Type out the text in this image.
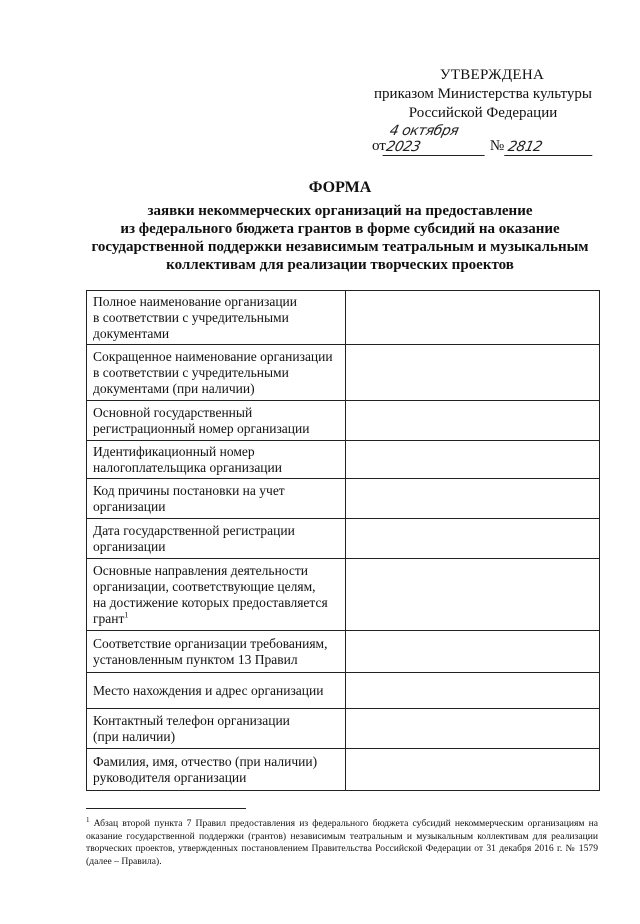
УТВЕРЖДЕНА
приказом Министерства культуры
Российской Федерации
от
4 октября 2023	№ 2812
ФОРМА
заявки некоммерческих организаций на предоставление
из федерального бюджета грантов в форме субсидий на оказание
государственной поддержки независимым театральным и музыкальным
коллективам для реализации творческих проектов
Полное наименование организации
в соответствии с учредительными
документами	

Сокращенное наименование организации
в соответствии с учредительными
документами (при наличии)	

Основной государственный
регистрационный номер организации	

Идентификационный номер
налогоплательщика организации	

Код причины постановки на учет
организации	

Дата государственной регистрации
организации	

Основные направления деятельности
организации, соответствующие целям,
на достижение которых предоставляется
грант$^1$

Соответствие организации требованиям,
установленным пунктом 13 Правил	

Место нахождения и адрес организации	

Контактный телефон организации
(при наличии)	

Фамилия, имя, отчество (при наличии)
руководителя организации	

$^1$ Абзац второй пункта 7 Правил предоставления из федерального бюджета субсидий некоммерческим организациям на оказание государственной поддержки (грантов) независимым театральным и музыкальным коллективам для реализации творческих проектов, утвержденных постановлением Правительства Российской Федерации от 31 декабря 2016 г. № 1579 (далее – Правила).
